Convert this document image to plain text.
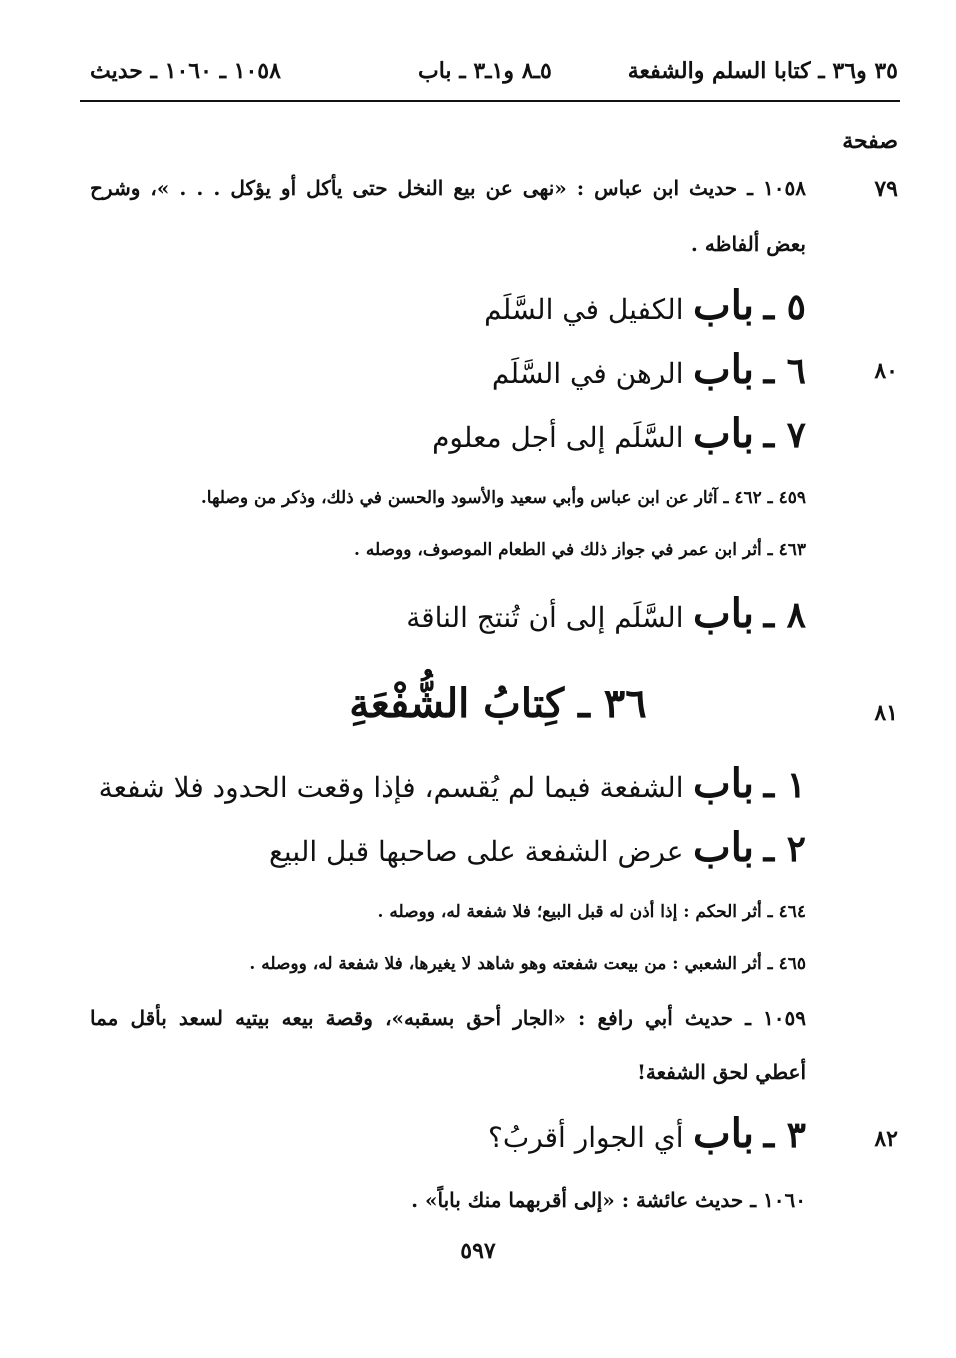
٣٥ و٣٦ ـ كتابا السلم والشفعة
٥ـ٨ و١ـ٣ ـ باب
١٠٥٨ ـ ١٠٦٠ ـ حديث
صفحة
٧٩
١٠٥٨ ـ حديث ابن عباس : «نهى عن بيع النخل حتى يأكل أو يؤكل . . . »، وشرح
بعض ألفاظه .
٥ ـ باب الكفيل في السَّلَم
٨٠
٦ ـ باب الرهن في السَّلَم
٧ ـ باب السَّلَم إلى أجل معلوم
٤٥٩ ـ ٤٦٢ ـ آثار عن ابن عباس وأبي سعيد والأسود والحسن في ذلك، وذكر من وصلها.
٤٦٣ ـ أثر ابن عمر في جواز ذلك في الطعام الموصوف، ووصله .
٨ ـ باب السَّلَم إلى أن تُنتج الناقة
٨١
٣٦ ـ كِتابُ الشُّفْعَةِ
١ ـ باب الشفعة فيما لم يُقسم، فإذا وقعت الحدود فلا شفعة
٢ ـ باب عرض الشفعة على صاحبها قبل البيع
٤٦٤ ـ أثر الحكم : إذا أذن له قبل البيع؛ فلا شفعة له، ووصله .
٤٦٥ ـ أثر الشعبي : من بيعت شفعته وهو شاهد لا يغيرها، فلا شفعة له، ووصله .
١٠٥٩ ـ حديث أبي رافع : «الجار أحق بسقبه»، وقصة بيعه بيتيه لسعد بأقل مما
أعطي لحق الشفعة!
٨٢
٣ ـ باب أي الجوار أقربُ؟
١٠٦٠ ـ حديث عائشة : «إلى أقربهما منك باباً» .
٥٩٧
